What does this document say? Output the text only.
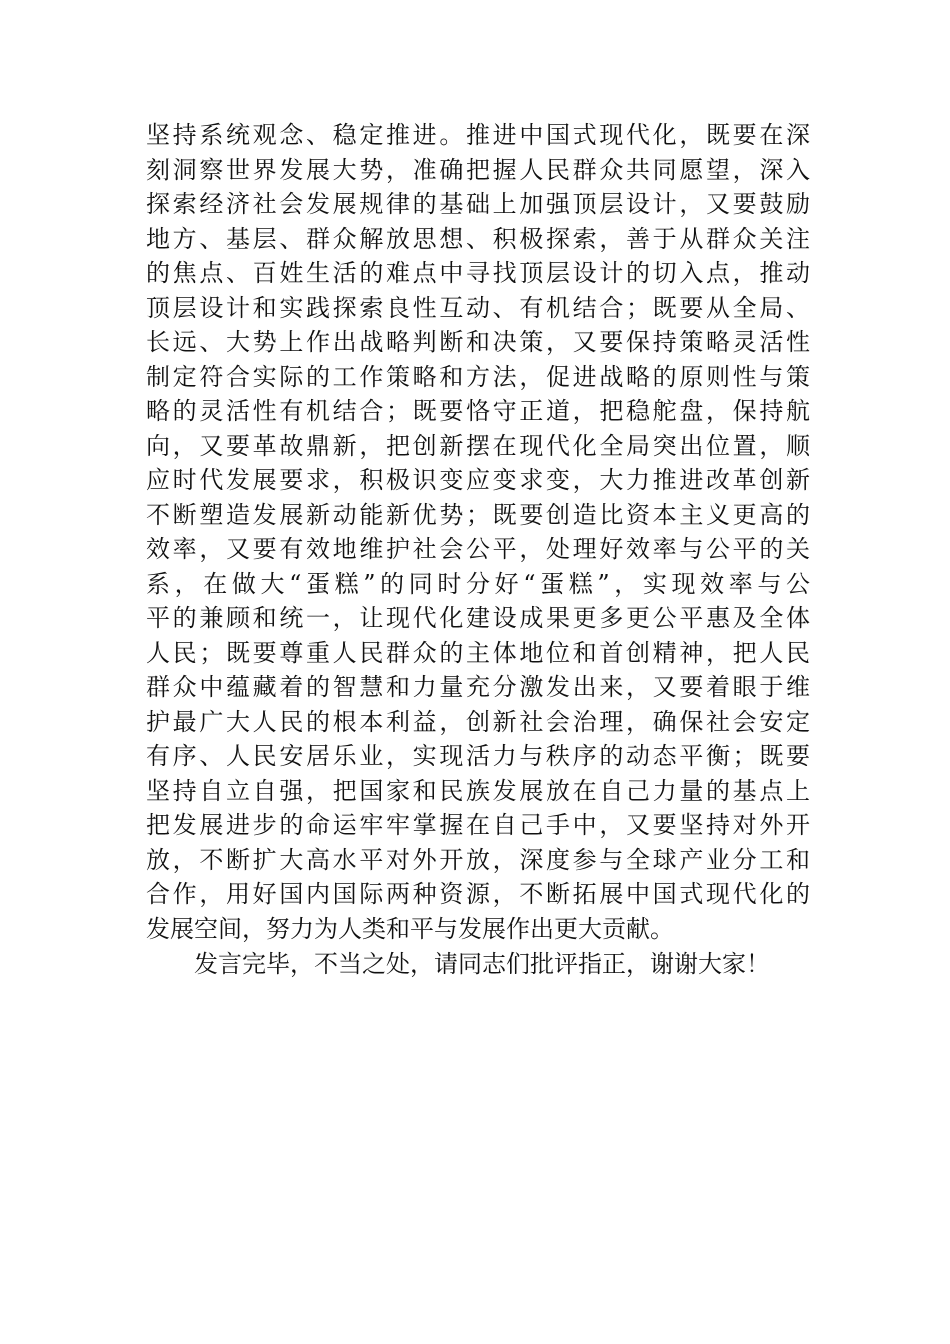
坚持系统观念、稳定推进。推进中国式现代化，既要在深
刻洞察世界发展大势，准确把握人民群众共同愿望，深入
探索经济社会发展规律的基础上加强顶层设计，又要鼓励
地方、基层、群众解放思想、积极探索，善于从群众关注
的焦点、百姓生活的难点中寻找顶层设计的切入点，推动
顶层设计和实践探索良性互动、有机结合；既要从全局、
长远、大势上作出战略判断和决策，又要保持策略灵活性
制定符合实际的工作策略和方法，促进战略的原则性与策
略的灵活性有机结合；既要恪守正道，把稳舵盘，保持航
向，又要革故鼎新，把创新摆在现代化全局突出位置，顺
应时代发展要求，积极识变应变求变，大力推进改革创新
不断塑造发展新动能新优势；既要创造比资本主义更高的
效率，又要有效地维护社会公平，处理好效率与公平的关
系，在做大“蛋糕”的同时分好“蛋糕”，实现效率与公
平的兼顾和统一，让现代化建设成果更多更公平惠及全体
人民；既要尊重人民群众的主体地位和首创精神，把人民
群众中蕴藏着的智慧和力量充分激发出来，又要着眼于维
护最广大人民的根本利益，创新社会治理，确保社会安定
有序、人民安居乐业，实现活力与秩序的动态平衡；既要
坚持自立自强，把国家和民族发展放在自己力量的基点上
把发展进步的命运牢牢掌握在自己手中，又要坚持对外开
放，不断扩大高水平对外开放，深度参与全球产业分工和
合作，用好国内国际两种资源，不断拓展中国式现代化的
发展空间，努力为人类和平与发展作出更大贡献。
发言完毕，不当之处，请同志们批评指正，谢谢大家！
